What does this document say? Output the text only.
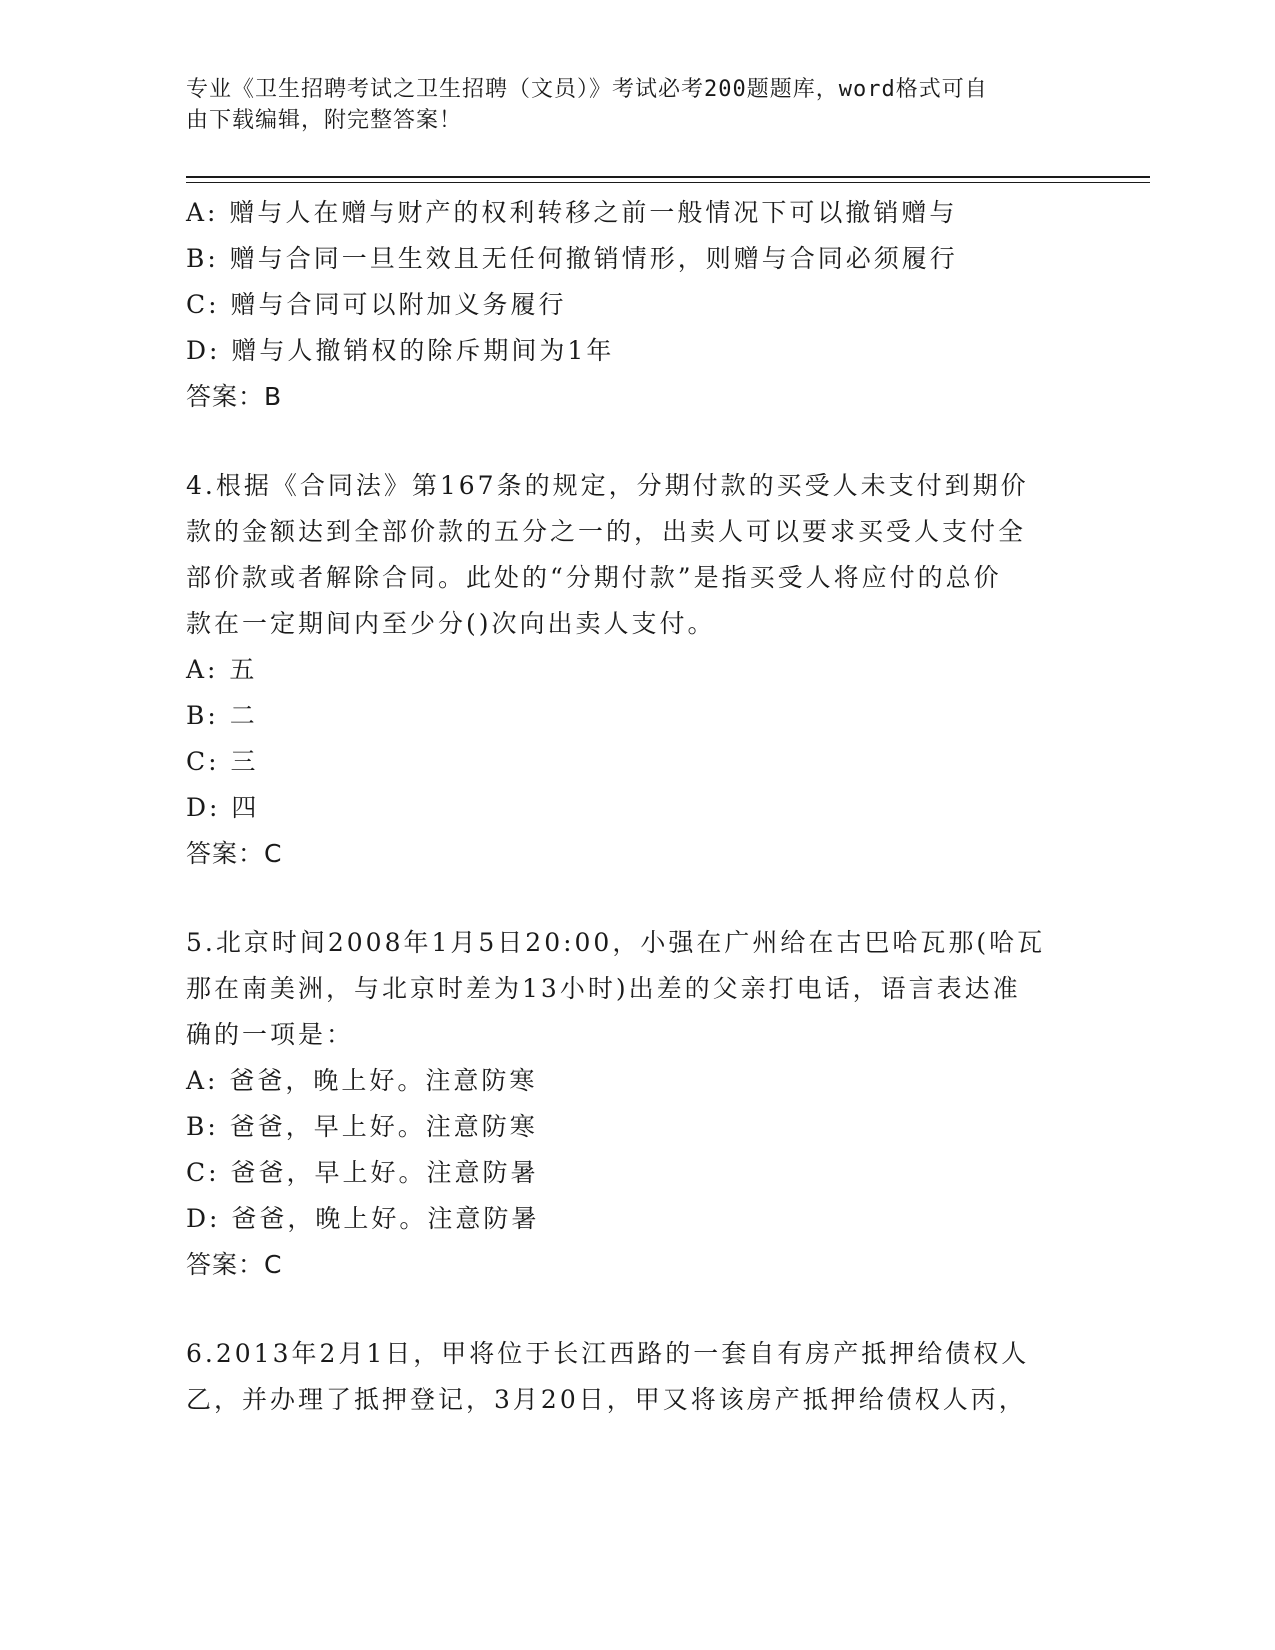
专业《卫生招聘考试之卫生招聘（文员）》考试必考200题题库，word格式可自
由下载编辑，附完整答案！
A: 赠与人在赠与财产的权利转移之前一般情况下可以撤销赠与
B: 赠与合同一旦生效且无任何撤销情形，则赠与合同必须履行
C: 赠与合同可以附加义务履行
D: 赠与人撤销权的除斥期间为1年
答案：B
4.根据《合同法》第167条的规定，分期付款的买受人未支付到期价
款的金额达到全部价款的五分之一的，出卖人可以要求买受人支付全
部价款或者解除合同。此处的“分期付款”是指买受人将应付的总价
款在一定期间内至少分()次向出卖人支付。
A: 五
B: 二
C: 三
D: 四
答案：C
5.北京时间2008年1月5日20:00，小强在广州给在古巴哈瓦那(哈瓦
那在南美洲，与北京时差为13小时)出差的父亲打电话，语言表达准
确的一项是：
A: 爸爸，晚上好。注意防寒
B: 爸爸，早上好。注意防寒
C: 爸爸，早上好。注意防暑
D: 爸爸，晚上好。注意防暑
答案：C
6.2013年2月1日，甲将位于长江西路的一套自有房产抵押给债权人
乙，并办理了抵押登记，3月20日，甲又将该房产抵押给债权人丙，
